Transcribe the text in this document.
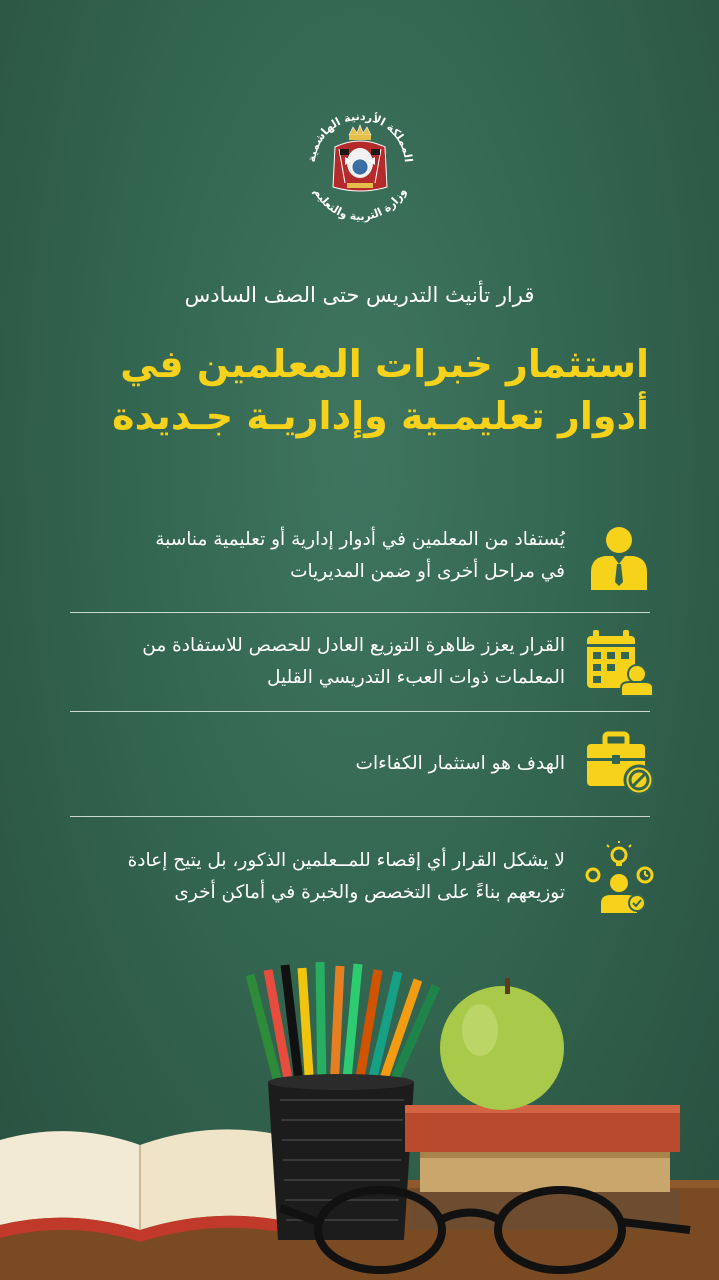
المملكة الأردنية الهاشمية
وزارة التربية والتعليم
قرار تأنيث التدريس حتى الصف السادس
استثمار خبرات المعلمين في
أدوار تعليمـية وإداريـة جـديدة
يُستفاد من المعلمين في أدوار إدارية أو تعليمية مناسبة
في مراحل أخرى أو ضمن المديريات
القرار يعزز ظاهرة التوزيع العادل للحصص للاستفادة من
المعلمات ذوات العبء التدريسي القليل
الهدف هو استثمار الكفاءات
لا يشكل القرار أي إقصاء للمــعلمين الذكور، بل يتيح إعادة
توزيعهم بناءً على التخصص والخبرة في أماكن أخرى
